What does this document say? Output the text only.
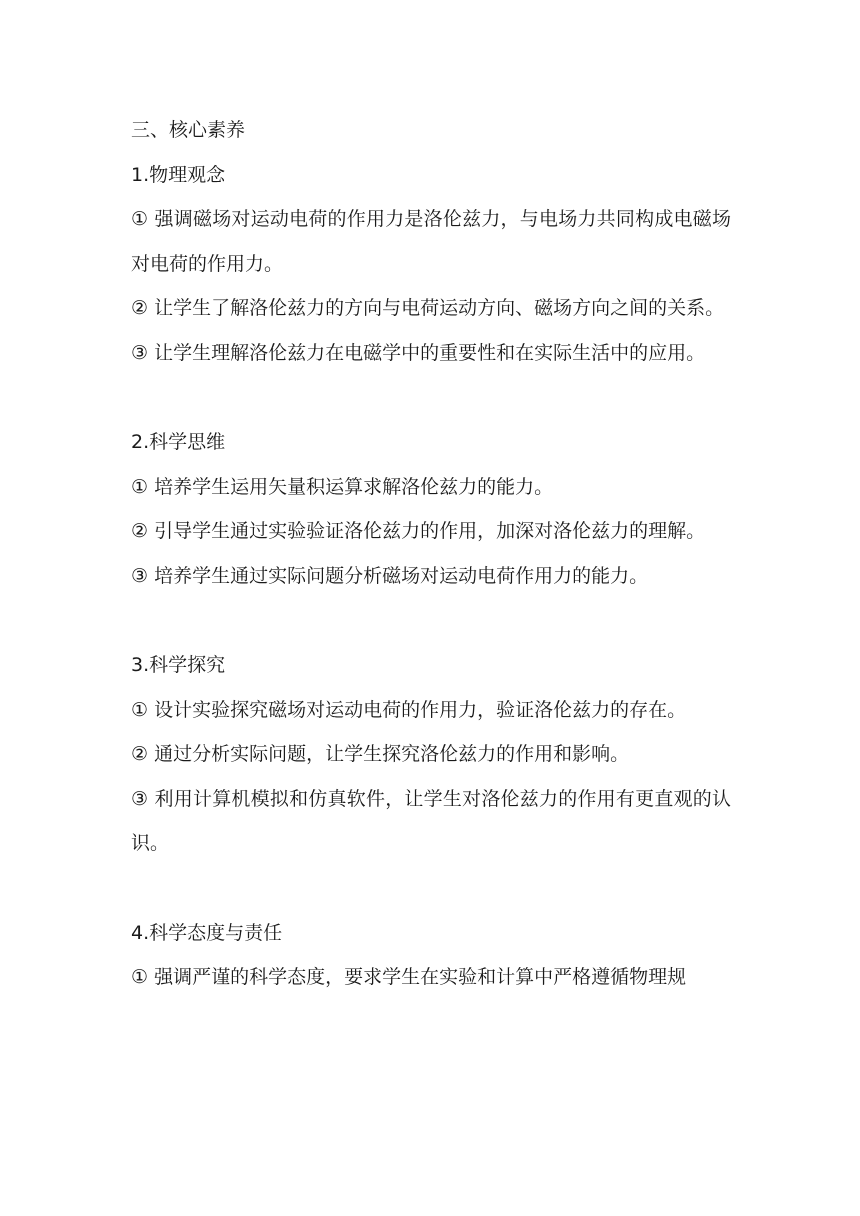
三、核心素养

1.物理观念

① 强调磁场对运动电荷的作用力是洛伦兹力，与电场力共同构成电磁场对电荷的作用力。

② 让学生了解洛伦兹力的方向与电荷运动方向、磁场方向之间的关系。

③ 让学生理解洛伦兹力在电磁学中的重要性和在实际生活中的应用。

2.科学思维

① 培养学生运用矢量积运算求解洛伦兹力的能力。

② 引导学生通过实验验证洛伦兹力的作用，加深对洛伦兹力的理解。

③ 培养学生通过实际问题分析磁场对运动电荷作用力的能力。

3.科学探究

① 设计实验探究磁场对运动电荷的作用力，验证洛伦兹力的存在。

② 通过分析实际问题，让学生探究洛伦兹力的作用和影响。

③ 利用计算机模拟和仿真软件，让学生对洛伦兹力的作用有更直观的认识。

4.科学态度与责任

① 强调严谨的科学态度，要求学生在实验和计算中严格遵循物理规
